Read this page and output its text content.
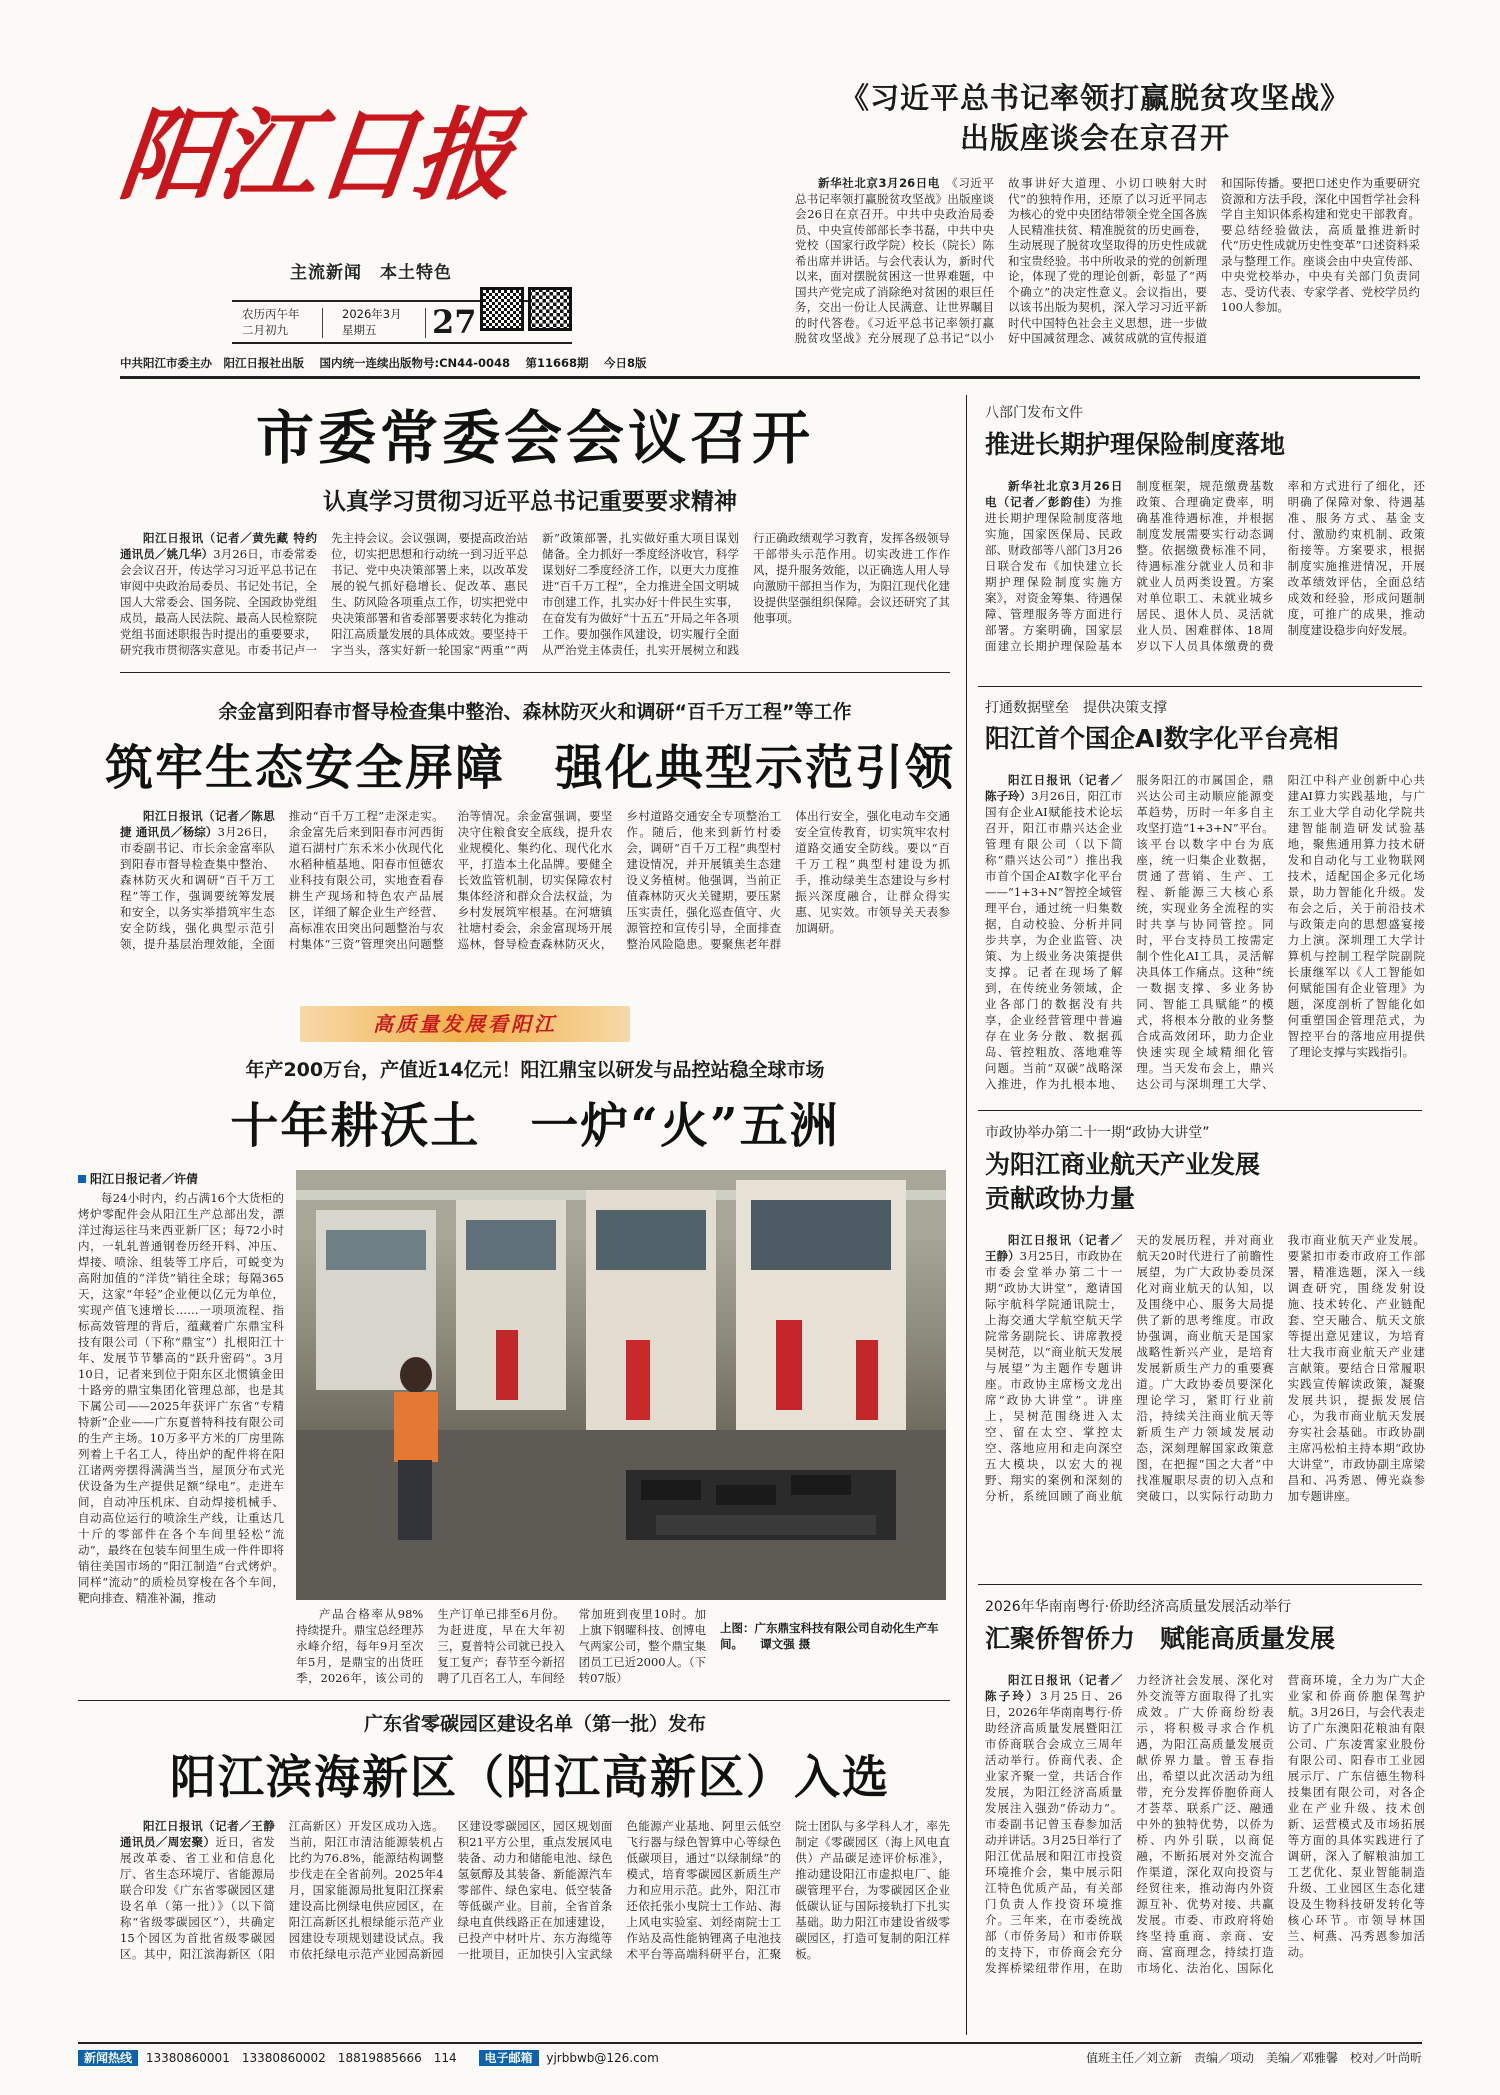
阳江日报
主流新闻　本土特色
农历丙午年
二月初九
2026年3月
星期五	27
中共阳江市委主办　阳江日报社出版　 国内统一连续出版物号:CN44-0048　 第11668期　 今日8版
《习近平总书记率领打赢脱贫攻坚战》
出版座谈会在京召开

新华社北京3月26日电　 《习近平总书记率领打赢脱贫攻坚战》出版座谈会26日在京召开。中共中央政治局委员、中央宣传部部长李书磊，中共中央党校（国家行政学院）校长（院长）陈希出席并讲话。与会代表认为，新时代以来，面对摆脱贫困这一世界难题，中国共产党完成了消除绝对贫困的艰巨任务，交出一份让人民满意、让世界瞩目的时代答卷。《习近平总书记率领打赢脱贫攻坚战》充分展现了总书记“以小故事讲好大道理、小切口映射大时代”的独特作用，还原了以习近平同志为核心的党中央团结带领全党全国各族人民精准扶贫、精准脱贫的历史画卷，生动展现了脱贫攻坚取得的历史性成就和宝贵经验。书中所收录的党的创新理论，体现了党的理论创新，彰显了“两个确立”的决定性意义。会议指出，要以该书出版为契机，深入学习习近平新时代中国特色社会主义思想，进一步做好中国减贫理念、减贫成就的宣传报道和国际传播。要把口述史作为重要研究资源和方法手段，深化中国哲学社会科学自主知识体系构建和党史干部教育。要总结经验做法，高质量推进新时代“历史性成就历史性变革”口述资料采录与整理工作。座谈会由中央宣传部、中央党校举办，中央有关部门负责同志、受访代表、专家学者、党校学员约100人参加。

市委常委会会议召开
认真学习贯彻习近平总书记重要要求精神

阳江日报讯（记者／黄先藏 特约通讯员／姚几华）3月26日，市委常委会会议召开，传达学习习近平总书记在审阅中央政治局委员、书记处书记，全国人大常委会、国务院、全国政协党组成员，最高人民法院、最高人民检察院党组书面述职报告时提出的重要要求，研究我市贯彻落实意见。市委书记卢一先主持会议。会议强调，要提高政治站位，切实把思想和行动统一到习近平总书记、党中央决策部署上来，以改革发展的锐气抓好稳增长、促改革、惠民生、防风险各项重点工作，切实把党中央决策部署和省委部署要求转化为推动阳江高质量发展的具体成效。要坚持干字当头，落实好新一轮国家“两重”“两新”政策部署，扎实做好重大项目谋划储备。全力抓好一季度经济收官，科学谋划好二季度经济工作，以更大力度推进“百千万工程”，全力推进全国文明城市创建工作，扎实办好十件民生实事，在奋发有为做好“十五五”开局之年各项工作。要加强作风建设，切实履行全面从严治党主体责任，扎实开展树立和践行正确政绩观学习教育，发挥各级领导干部带头示范作用。切实改进工作作风，提升服务效能，以正确选人用人导向激励干部担当作为，为阳江现代化建设提供坚强组织保障。会议还研究了其他事项。

余金富到阳春市督导检查集中整治、森林防灭火和调研“百千万工程”等工作
筑牢生态安全屏障　强化典型示范引领

阳江日报讯（记者／陈思捷 通讯员／杨综）3月26日，市委副书记、市长余金富率队到阳春市督导检查集中整治、森林防灭火和调研“百千万工程”等工作，强调要统筹发展和安全，以务实举措筑牢生态安全防线，强化典型示范引领，提升基层治理效能，全面推动“百千万工程”走深走实。余金富先后来到阳春市河西街道石湖村广东禾米小伙现代化水稻种植基地、阳春市恒德农业科技有限公司，实地查看春耕生产现场和特色农产品展区，详细了解企业生产经营、高标准农田突出问题整治与农村集体“三资”管理突出问题整治等情况。余金富强调，要坚决守住粮食安全底线，提升农业规模化、集约化、现代化水平，打造本土化品牌。要健全长效监管机制，切实保障农村集体经济和群众合法权益，为乡村发展筑牢根基。在河塘镇社塘村委会，余金富现场开展巡林，督导检查森林防灭火，乡村道路交通安全专项整治工作。随后，他来到新竹村委会，调研“百千万工程”典型村建设情况，并开展镇美生态建设义务植树。他强调，当前正值森林防灭火关键期，要压紧压实责任，强化巡查值守、火源管控和宣传引导，全面排查整治风险隐患。要聚焦老年群体出行安全，强化电动车交通安全宣传教育，切实筑牢农村道路交通安全防线。要以“百千万工程”典型村建设为抓手，推动绿美生态建设与乡村振兴深度融合，让群众得实惠、见实效。市领导关天表参加调研。

高质量发展看阳江
年产200万台，产值近14亿元！阳江鼎宝以研发与品控站稳全球市场
十年耕沃土　一炉“火”五洲
阳江日报记者／许倩

每24小时内，约占满16个大货柜的烤炉零配件会从阳江生产总部出发，漂洋过海运往马来西亚新厂区；每72小时内，一轧轧普通钢卷历经开料、冲压、焊接、喷涂、组装等工序后，可蜕变为高附加值的“洋货”销往全球；每隔365天，这家“年轻”企业便以亿元为单位，实现产值飞速增长……一项项流程、指标高效管理的背后，蕴藏着广东鼎宝科技有限公司（下称“鼎宝”）扎根阳江十年、发展节节攀高的“跃升密码”。3月10日，记者来到位于阳东区北惯镇金田十路旁的鼎宝集团化管理总部，也是其下属公司——2025年获评广东省“专精特新”企业——广东夏普特科技有限公司的生产主场。10万多平方米的厂房里陈列着上千名工人，待出炉的配件将在阳江诸两旁摆得满满当当，屋顶分布式光伏设备为生产提供足额“绿电”。走进车间，自动冲压机床、自动焊接机械手、自动高位运行的喷涂生产线，让重达几十斤的零部件在各个车间里轻松“流动”，最终在包装车间里生成一件件即将销往美国市场的“阳江制造”台式烤炉。同样“流动”的质检员穿梭在各个车间，靶向排查、精准补漏，推动

产品合格率从98%持续提升。鼎宝总经理苏永峰介绍，每年9月至次年5月，是鼎宝的出货旺季，2026年，该公司的生产订单已排至6月份。为赶进度，早在大年初三，夏普特公司就已投入复工复产；春节至今新招聘了几百名工人，车间经常加班到夜里10时。加上旗下钢曜科技、创博电气两家公司，整个鼎宝集团员工已近2000人。（下转07版）

上图：广东鼎宝科技有限公司自动化生产车间。　　谭文强 摄
广东省零碳园区建设名单（第一批）发布
阳江滨海新区（阳江高新区）入选

阳江日报讯（记者／王静 通讯员／周宏聚）近日，省发展改革委、省工业和信息化厅、省生态环境厅、省能源局联合印发《广东省零碳园区建设名单（第一批）》（以下简称“省级零碳园区”），共确定15个园区为首批省级零碳园区。其中，阳江滨海新区（阳江高新区）开发区成功入选。当前，阳江市清洁能源装机占比约为76.8%，能源结构调整步伐走在全省前列。2025年4月，国家能源局批复阳江探索建设高比例绿电供应园区，在阳江高新区扎根绿能示范产业园建设专项规划建设试点。我市依托绿电示范产业园高新园区建设零碳园区，园区规划面积21平方公里，重点发展风电装备、动力和储能电池、绿色氢氨醇及其装备、新能源汽车零部件、绿色家电、低空装备等低碳产业。目前，全省首条绿电直供线路正在加速建设，已投产中材叶片、东方海缆等一批项目，正加快引入宝武绿色能源产业基地、阿里云低空飞行器与绿色智算中心等绿色低碳项目，通过“以绿制绿”的模式，培育零碳园区新质生产力和应用示范。此外，阳江市还依托张小曳院士工作站、海上风电实验室、刘经南院士工作站及高性能钠锂离子电池技术平台等高端科研平台，汇聚院士团队与多学科人才，率先制定《零碳园区（海上风电直供）产品碳足迹评价标准》，推动建设阳江市虚拟电厂、能碳管理平台，为零碳园区企业低碳认证与国际接轨打下扎实基础。助力阳江市建设省级零碳园区，打造可复制的阳江样板。

八部门发布文件
推进长期护理保险制度落地

新华社北京3月26日电（记者／彭韵佳）为推进长期护理保险制度落地实施，国家医保局、民政部、财政部等八部门3月26日联合发布《加快建立长期护理保险制度实施方案》，对资金筹集、待遇保障、管理服务等方面进行部署。方案明确，国家层面建立长期护理保险基本制度框架，规范缴费基数政策、合理确定费率，明确基准待遇标准，并根据制度发展需要实行动态调整。依据缴费标准不同，待遇标准分就业人员和非就业人员两类设置。方案对单位职工、未就业城乡居民、退休人员、灵活就业人员、困难群体、18周岁以下人员具体缴费的费率和方式进行了细化，还明确了保障对象、待遇基准、服务方式、基金支付、激励约束机制、政策衔接等。方案要求，根据制度实施推进情况，开展改革绩效评估，全面总结成效和经验，形成问题制度，可推广的成果，推动制度建设稳步向好发展。

打通数据壁垒　提供决策支撑
阳江首个国企AI数字化平台亮相

阳江日报讯（记者／陈子玲）3月26日，阳江市国有企业AI赋能技术论坛召开，阳江市鼎兴达企业管理有限公司（以下简称“鼎兴达公司”）推出我市首个国企AI数字化平台——“1+3+N”智控全域管理平台，通过统一归集数据，自动校验、分析并同步共享，为企业监管、决策、为上级业务决策提供支撑。记者在现场了解到，在传统业务领域，企业各部门的数据没有共享，企业经营管理中普遍存在业务分散、数据孤岛、管控粗放、落地难等问题。当前“双碳”战略深入推进，作为扎根本地、服务阳江的市属国企，鼎兴达公司主动顺应能源变革趋势，历时一年多自主攻坚打造“1+3+N”平台。该平台以数字中台为底座，统一归集企业数据，贯通了营销、生产、工程、新能源三大核心系统，实现业务全流程的实时共享与协同管控。同时，平台支持员工按需定制个性化AI工具，灵活解决具体工作痛点。这种“统一数据支撑、多业务协同、智能工具赋能”的模式，将根本分散的业务整合成高效闭环，助力企业快速实现全域精细化管理。当天发布会上，鼎兴达公司与深圳理工大学、阳江中科产业创新中心共建AI算力实践基地，与广东工业大学自动化学院共建智能制造研发试验基地，聚焦通用算力技术研发和自动化与工业物联网技术，适配国企多元化场景，助力智能化升级。发布会之后，关于前沿技术与政策走向的思想盛宴接力上演。深圳理工大学计算机与控制工程学院副院长康继军以《人工智能如何赋能国有企业管理》为题，深度剖析了智能化如何重塑国企管理范式，为智控平台的落地应用提供了理论支撑与实践指引。

市政协举办第二十一期“政协大讲堂”
为阳江商业航天产业发展
贡献政协力量

阳江日报讯（记者／王静）3月25日，市政协在市委会堂举办第二十一期“政协大讲堂”，邀请国际宇航科学院通讯院士，上海交通大学航空航天学院常务副院长、讲席教授吴树范，以“商业航天发展与展望”为主题作专题讲座。市政协主席杨文龙出席“政协大讲堂”。讲座上，吴树范围绕进入太空、留在太空、掌控太空、落地应用和走向深空五大模块，以宏大的视野、翔实的案例和深刻的分析，系统回顾了商业航天的发展历程，并对商业航天20时代进行了前瞻性展望，为广大政协委员深化对商业航天的认知，以及围绕中心、服务大局提供了新的思考维度。市政协强调，商业航天是国家战略性新兴产业，是培育发展新质生产力的重要赛道。广大政协委员要深化理论学习，紧盯行业前沿，持续关注商业航天等新质生产力领域发展动态，深刻理解国家政策意图，在把握“国之大者”中找准履职尽责的切入点和突破口，以实际行动助力我市商业航天产业发展。要紧扣市委市政府工作部署，精准选题，深入一线调查研究，围绕发射设施、技术转化、产业链配套、空天融合、航天文旅等提出意见建议，为培育壮大我市商业航天产业建言献策。要结合日常履职实践宣传解读政策，凝聚发展共识，提振发展信心，为我市商业航天发展夯实社会基础。市政协副主席冯松柏主持本期“政协大讲堂”，市政协副主席梁昌和、冯秀恩、傅光焱参加专题讲座。

2026年华南南粤行·侨助经济高质量发展活动举行
汇聚侨智侨力　赋能高质量发展

阳江日报讯（记者／陈子玲）3月25日、26日，2026年华南南粤行·侨助经济高质量发展暨阳江市侨商联合会成立三周年活动举行。侨商代表、企业家齐聚一堂，共话合作发展，为阳江经济高质量发展注入强劲“侨动力”。市委副书记曾玉春参加活动并讲话。3月25日举行了阳江优品展和阳江市投资环境推介会，集中展示阳江特色优质产品，有关部门负责人作投资环境推介。三年来，在市委统战部（市侨务局）和市侨联的支持下，市侨商会充分发挥桥梁纽带作用，在助力经济社会发展、深化对外交流等方面取得了扎实成效。广大侨商纷纷表示，将积极寻求合作机遇，为阳江高质量发展贡献侨界力量。曾玉春指出，希望以此次活动为纽带，充分发挥侨胞侨商人才荟萃、联系广泛、融通中外的独特优势，以侨为桥、内外引联，以商促融，不断拓展对外交流合作渠道，深化双向投资与经贸往来，推动海内外资源互补、优势对接、共赢发展。市委、市政府将始终坚持重商、亲商、安商、富商理念，持续打造市场化、法治化、国际化营商环境，全力为广大企业家和侨商侨胞保驾护航。3月26日，与会代表走访了广东澳阳花粮油有限公司、广东凌霄家业股份有限公司、阳春市工业园展示厅、广东信德生物科技集团有限公司，对各企业在产业升级、技术创新、运营模式及市场拓展等方面的具体实践进行了调研，深入了解粮油加工工艺优化、泵业智能制造升级、工业园区生态化建设及生物科技研发转化等核心环节。市领导林国兰、柯燕、冯秀恩参加活动。

新闻热线 13380860001　13380860002　18819885666　114 电子邮箱 yjrbbwb@126.com	值班主任／刘立新　责编／项动　美编／邓雅馨　校对／叶尚昕
